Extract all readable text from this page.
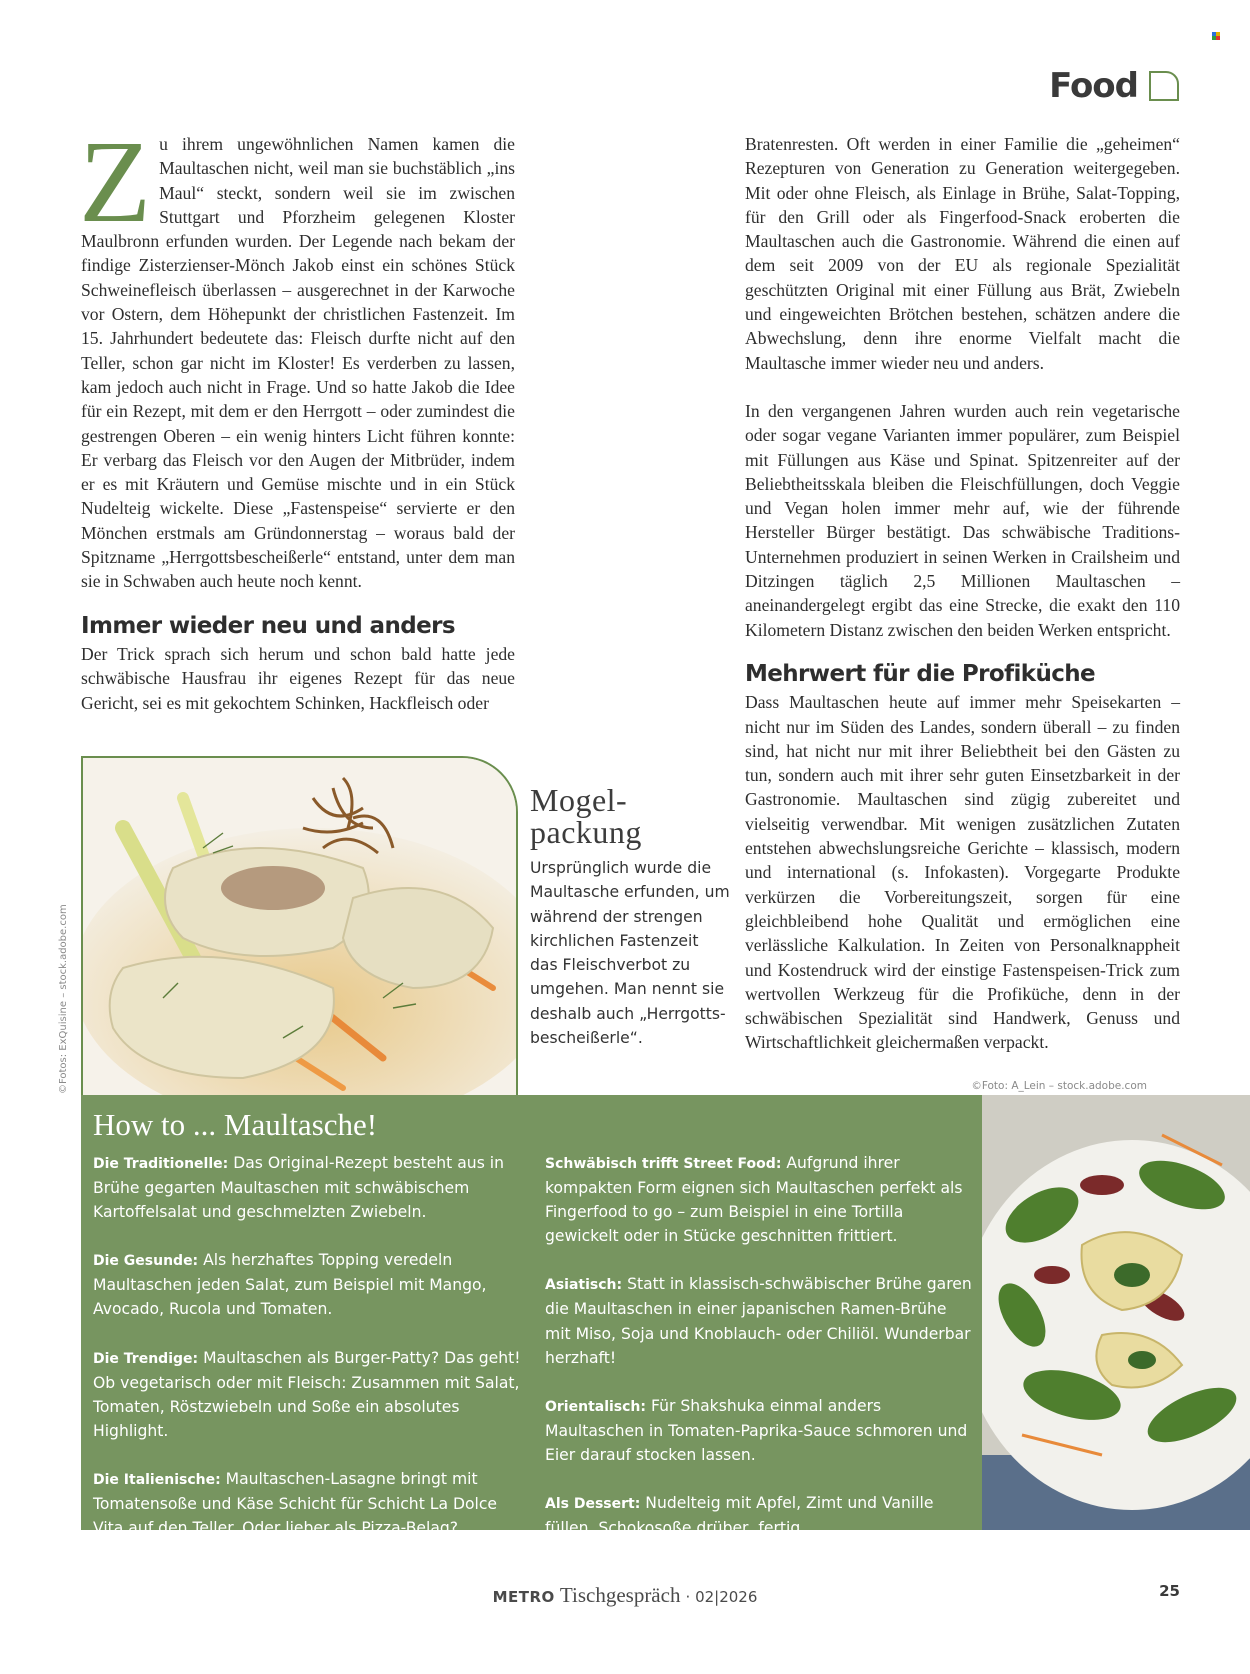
Food

Zu ihrem ungewöhnlichen Namen kamen die Maultaschen nicht, weil man sie buchstäblich „ins Maul“ steckt, sondern weil sie im zwischen Stuttgart und Pforzheim gelegenen Kloster Maulbronn erfunden wurden. Der Legende nach bekam der findige Zisterzienser-Mönch Jakob einst ein schönes Stück Schweinefleisch überlassen – ausgerechnet in der Karwoche vor Ostern, dem Höhepunkt der christlichen Fastenzeit. Im 15. Jahrhundert bedeutete das: Fleisch durfte nicht auf den Teller, schon gar nicht im Kloster! Es verderben zu lassen, kam jedoch auch nicht in Frage. Und so hatte Jakob die Idee für ein Rezept, mit dem er den Herrgott – oder zumindest die gestrengen Oberen – ein wenig hinters Licht führen konnte: Er verbarg das Fleisch vor den Augen der Mitbrüder, indem er es mit Kräutern und Gemüse mischte und in ein Stück Nudelteig wickelte. Diese „Fastenspeise“ servierte er den Mönchen erstmals am Gründonnerstag – woraus bald der Spitzname „Herrgottsbescheißerle“ entstand, unter dem man sie in Schwaben auch heute noch kennt.

Immer wieder neu und anders

Der Trick sprach sich herum und schon bald hatte jede schwäbische Hausfrau ihr eigenes Rezept für das neue Gericht, sei es mit gekochtem Schinken, Hackfleisch oder

Bratenresten. Oft werden in einer Familie die „geheimen“ Rezepturen von Generation zu Generation weitergegeben. Mit oder ohne Fleisch, als Einlage in Brühe, Salat-Topping, für den Grill oder als Fingerfood-Snack eroberten die Maultaschen auch die Gastronomie. Während die einen auf dem seit 2009 von der EU als regionale Spezialität geschützten Original mit einer Füllung aus Brät, Zwiebeln und eingeweichten Brötchen bestehen, schätzen andere die Abwechslung, denn ihre enorme Vielfalt macht die Maultasche immer wieder neu und anders.

In den vergangenen Jahren wurden auch rein vegetarische oder sogar vegane Varianten immer populärer, zum Beispiel mit Füllungen aus Käse und Spinat. Spitzenreiter auf der Beliebtheitsskala bleiben die Fleischfüllungen, doch Veggie und Vegan holen immer mehr auf, wie der führende Hersteller Bürger bestätigt. Das schwäbische Traditions-Unternehmen produziert in seinen Werken in Crailsheim und Ditzingen täglich 2,5 Millionen Maultaschen – aneinandergelegt ergibt das eine Strecke, die exakt den 110 Kilometern Distanz zwischen den beiden Werken entspricht.

Mehrwert für die Profiküche

Dass Maultaschen heute auf immer mehr Speisekarten – nicht nur im Süden des Landes, sondern überall – zu finden sind, hat nicht nur mit ihrer Beliebtheit bei den Gästen zu tun, sondern auch mit ihrer sehr guten Einsetzbarkeit in der Gastronomie. Maultaschen sind zügig zubereitet und vielseitig verwendbar. Mit wenigen zusätzlichen Zutaten entstehen abwechslungsreiche Gerichte – klassisch, modern und international (s. Infokasten). Vorgegarte Produkte verkürzen die Vorbereitungszeit, sorgen für eine gleichbleibend hohe Qualität und ermöglichen eine verlässliche Kalkulation. In Zeiten von Personalknappheit und Kostendruck wird der einstige Fastenspeisen-Trick zum wertvollen Werkzeug für die Profiküche, denn in der schwäbischen Spezialität sind Handwerk, Genuss und Wirtschaftlichkeit gleichermaßen verpackt.

©Fotos: ExQuisine – stock.adobe.com
Mogel-packung
Ursprünglich wurde die Maultasche erfunden, um während der strengen kirchlichen Fastenzeit das Fleischverbot zu umgehen. Man nennt sie deshalb auch „Herrgotts-bescheißerle“.
©Foto: A_Lein – stock.adobe.com
How to ... Maultasche!

Die Traditionelle: Das Original-Rezept besteht aus in Brühe gegarten Maultaschen mit schwäbischem Kartoffelsalat und geschmelzten Zwiebeln.

Die Gesunde: Als herzhaftes Topping veredeln Maultaschen jeden Salat, zum Beispiel mit Mango, Avocado, Rucola und Tomaten.

Die Trendige: Maultaschen als Burger-Patty? Das geht! Ob vegetarisch oder mit Fleisch: Zusammen mit Salat, Tomaten, Röstzwiebeln und Soße ein absolutes Highlight.

Die Italienische: Maultaschen-Lasagne bringt mit Tomatensoße und Käse Schicht für Schicht La Dolce Vita auf den Teller. Oder lieber als Pizza-Belag?

Schwäbisch trifft Street Food: Aufgrund ihrer kompakten Form eignen sich Maultaschen perfekt als Fingerfood to go – zum Beispiel in eine Tortilla gewickelt oder in Stücke geschnitten frittiert.

Asiatisch: Statt in klassisch-schwäbischer Brühe garen die Maultaschen in einer japanischen Ramen-Brühe mit Miso, Soja und Knoblauch- oder Chiliöl. Wunderbar herzhaft!

Orientalisch: Für Shakshuka einmal anders Maultaschen in Tomaten-Paprika-Sauce schmoren und Eier darauf stocken lassen.

Als Dessert: Nudelteig mit Apfel, Zimt und Vanille füllen. Schokosoße drüber, fertig.

METRO Tischgespräch · 02|2026	25
